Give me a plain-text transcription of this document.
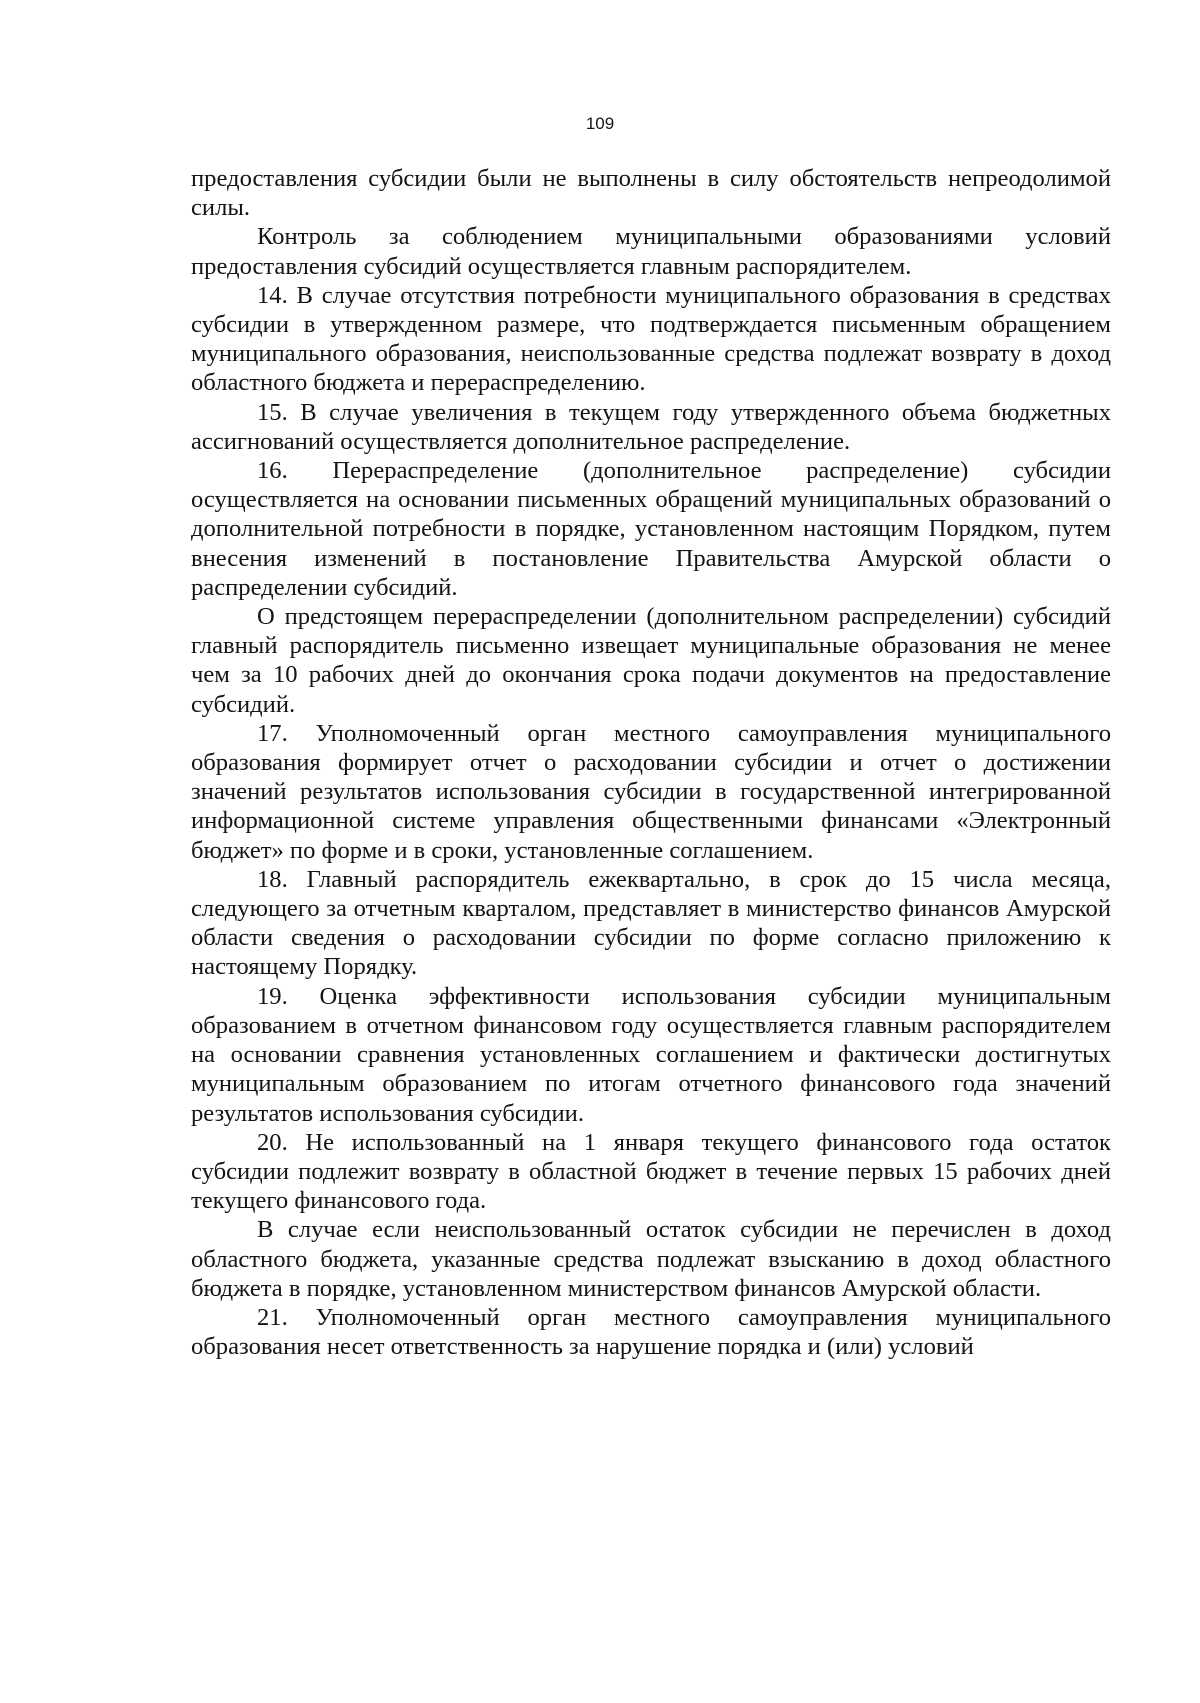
109

предоставления субсидии были не выполнены в силу обстоятельств непреодолимой силы.

Контроль за соблюдением муниципальными образованиями условий предоставления субсидий осуществляется главным распорядителем.

14. В случае отсутствия потребности муниципального образования в средствах субсидии в утвержденном размере, что подтверждается письменным обращением муниципального образования, неиспользованные средства подлежат возврату в доход областного бюджета и перераспределению.

15. В случае увеличения в текущем году утвержденного объема бюджетных ассигнований осуществляется дополнительное распределение.

16. Перераспределение (дополнительное распределение) субсидии осуществляется на основании письменных обращений муниципальных образований о дополнительной потребности в порядке, установленном настоящим Порядком, путем внесения изменений в постановление Правительства Амурской области о распределении субсидий.

О предстоящем перераспределении (дополнительном распределении) субсидий главный распорядитель письменно извещает муниципальные образования не менее чем за 10 рабочих дней до окончания срока подачи документов на предоставление субсидий.

17. Уполномоченный орган местного самоуправления муниципального образования формирует отчет о расходовании субсидии и отчет о достижении значений результатов использования субсидии в государственной интегрированной информационной системе управления общественными финансами «Электронный бюджет» по форме и в сроки, установленные соглашением.

18. Главный распорядитель ежеквартально, в срок до 15 числа месяца, следующего за отчетным кварталом, представляет в министерство финансов Амурской области сведения о расходовании субсидии по форме согласно приложению к настоящему Порядку.

19. Оценка эффективности использования субсидии муниципальным образованием в отчетном финансовом году осуществляется главным распорядителем на основании сравнения установленных соглашением и фактически достигнутых муниципальным образованием по итогам отчетного финансового года значений результатов использования субсидии.

20. Не использованный на 1 января текущего финансового года остаток субсидии подлежит возврату в областной бюджет в течение первых 15 рабочих дней текущего финансового года.

В случае если неиспользованный остаток субсидии не перечислен в доход областного бюджета, указанные средства подлежат взысканию в доход областного бюджета в порядке, установленном министерством финансов Амурской области.

21. Уполномоченный орган местного самоуправления муниципального образования несет ответственность за нарушение порядка и (или) условий
